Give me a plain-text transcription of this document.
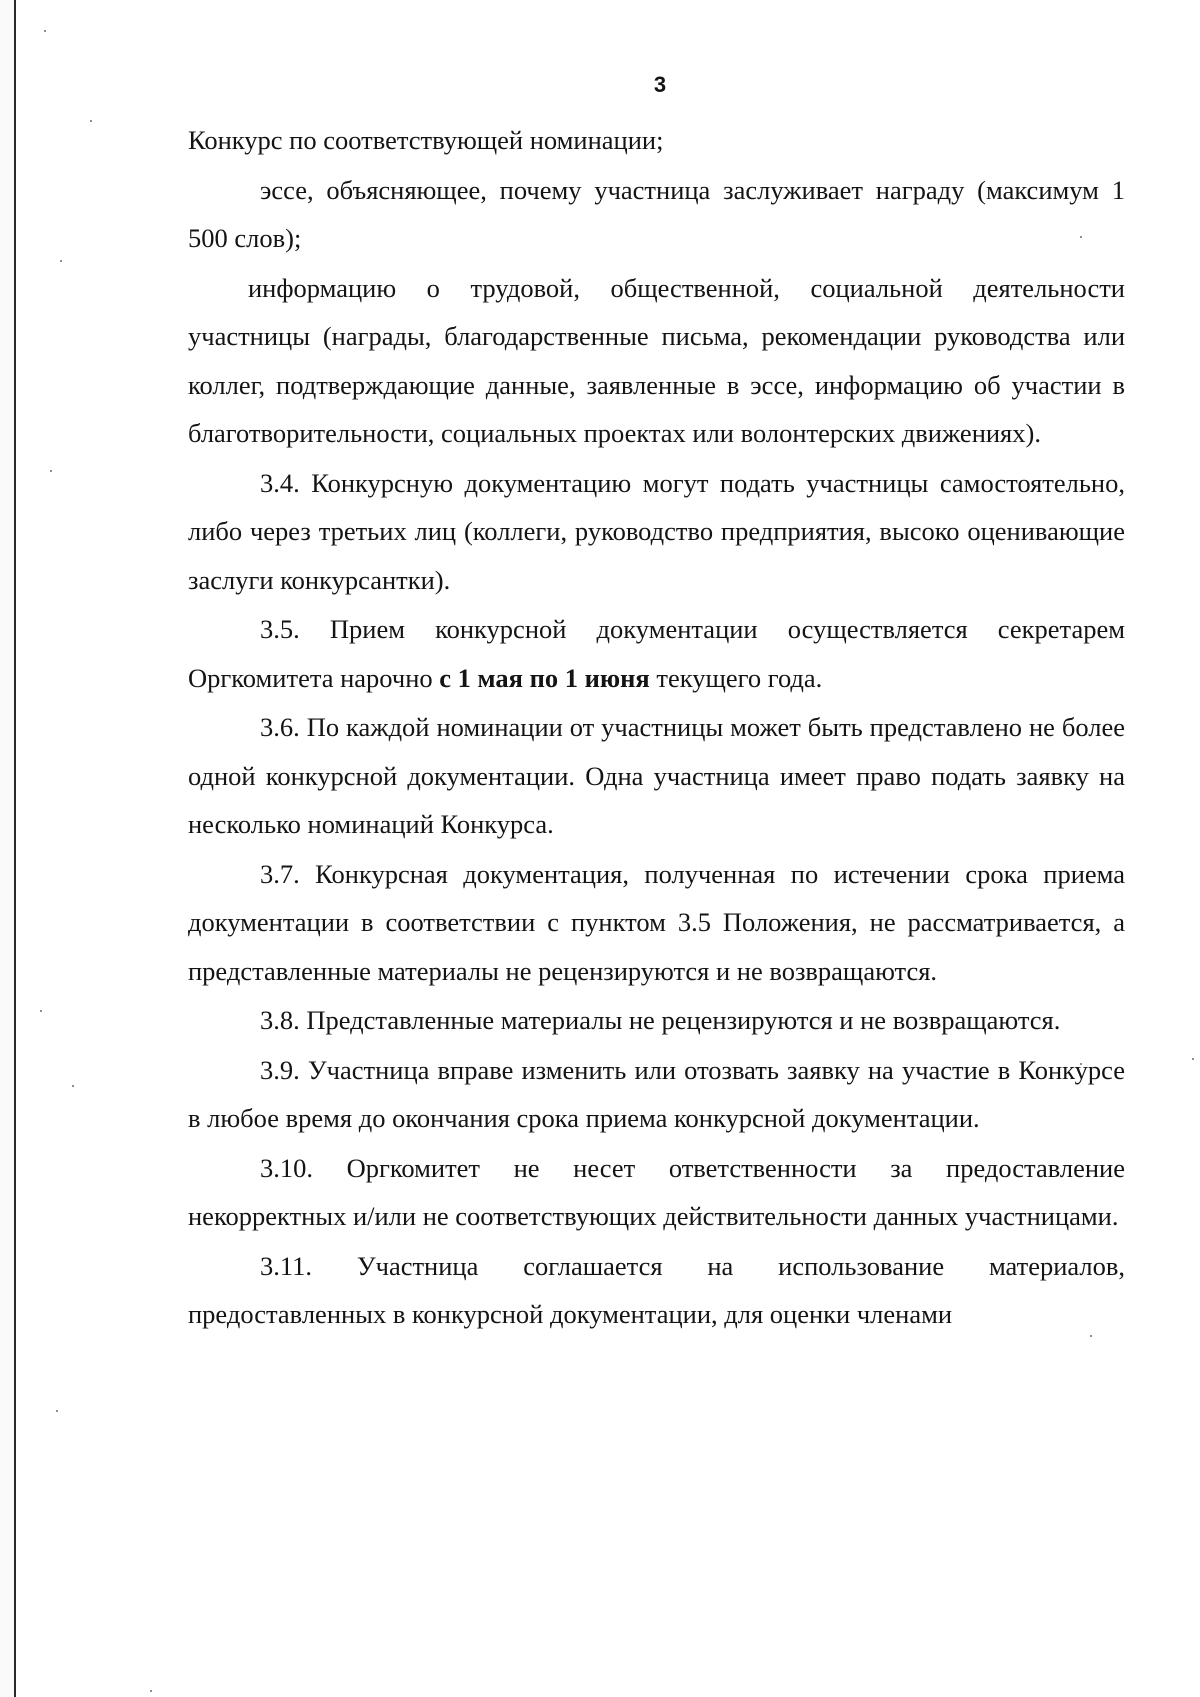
3

Конкурс по соответствующей номинации;

эссе, объясняющее, почему участница заслуживает награду (максимум 1 500 слов);

информацию о трудовой, общественной, социальной деятельности участницы (награды, благодарственные письма, рекомендации руководства или коллег, подтверждающие данные, заявленные в эссе, информацию об участии в благотворительности, социальных проектах или волонтерских движениях).

3.4. Конкурсную документацию могут подать участницы самостоятельно, либо через третьих лиц (коллеги, руководство предприятия, высоко оценивающие заслуги конкурсантки).

3.5. Прием конкурсной документации осуществляется секретарем Оргкомитета нарочно с 1 мая по 1 июня текущего года.

3.6. По каждой номинации от участницы может быть представлено не более одной конкурсной документации. Одна участница имеет право подать заявку на несколько номинаций Конкурса.

3.7. Конкурсная документация, полученная по истечении срока приема документации в соответствии с пунктом 3.5 Положения, не рассматривается, а представленные материалы не рецензируются и не возвращаются.

3.8. Представленные материалы не рецензируются и не возвращаются.

3.9. Участница вправе изменить или отозвать заявку на участие в Конкурсе в любое время до окончания срока приема конкурсной документации.

3.10. Оргкомитет не несет ответственности за предоставление некорректных и/или не соответствующих действительности данных участницами.

3.11. Участница соглашается на использование материалов, предоставленных в конкурсной документации, для оценки членами
